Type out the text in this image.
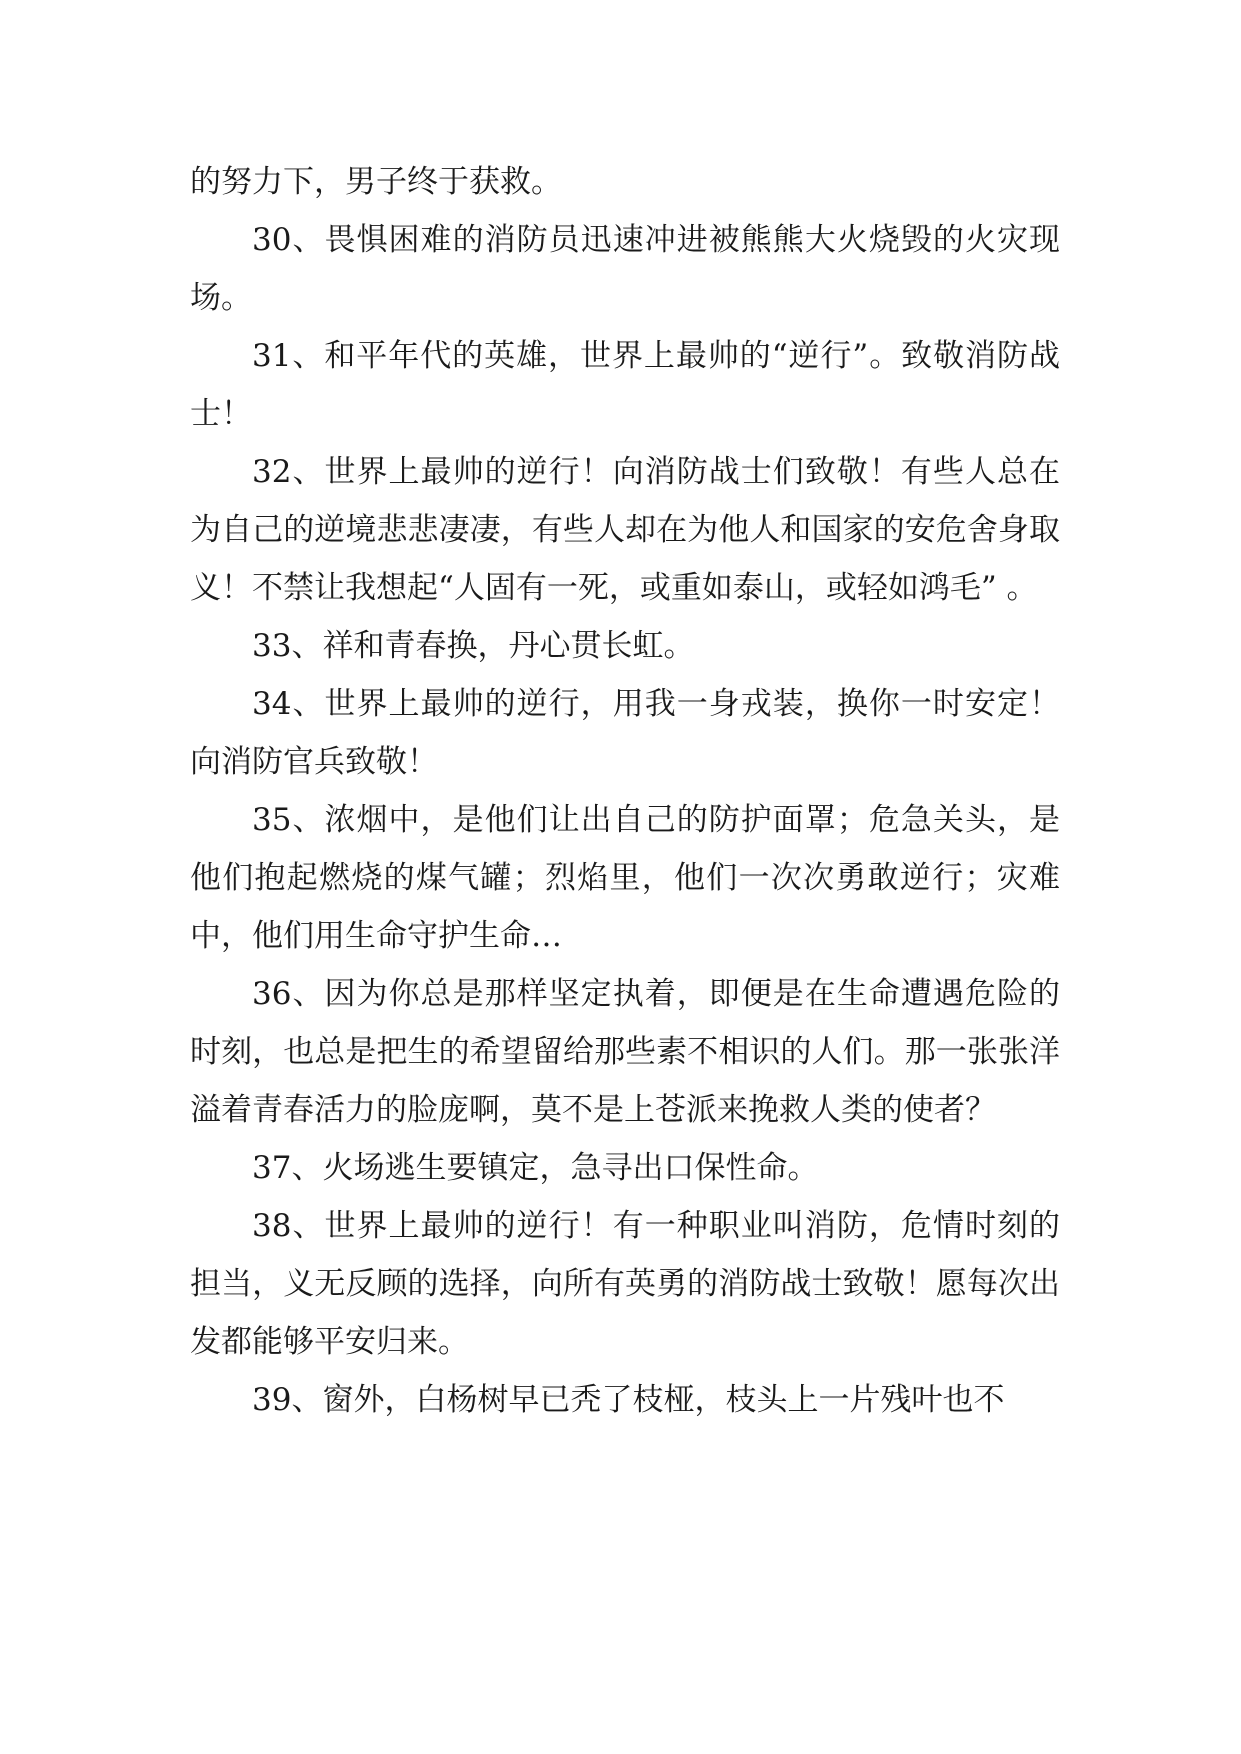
的努力下，男子终于获救。

30、畏惧困难的消防员迅速冲进被熊熊大火烧毁的火灾现场。

31、和平年代的英雄，世界上最帅的“逆行”。致敬消防战士！

32、世界上最帅的逆行！向消防战士们致敬！有些人总在为自己的逆境悲悲凄凄，有些人却在为他人和国家的安危舍身取义！不禁让我想起“人固有一死，或重如泰山，或轻如鸿毛” 。

33、祥和青春换，丹心贯长虹。

34、世界上最帅的逆行，用我一身戎装，换你一时安定！向消防官兵致敬！

35、浓烟中，是他们让出自己的防护面罩；危急关头，是他们抱起燃烧的煤气罐；烈焰里，他们一次次勇敢逆行；灾难中，他们用生命守护生命…

36、因为你总是那样坚定执着，即便是在生命遭遇危险的时刻，也总是把生的希望留给那些素不相识的人们。那一张张洋溢着青春活力的脸庞啊，莫不是上苍派来挽救人类的使者？

37、火场逃生要镇定，急寻出口保性命。

38、世界上最帅的逆行！有一种职业叫消防，危情时刻的担当，义无反顾的选择，向所有英勇的消防战士致敬！愿每次出发都能够平安归来。

39、窗外，白杨树早已秃了枝桠，枝头上一片残叶也不
